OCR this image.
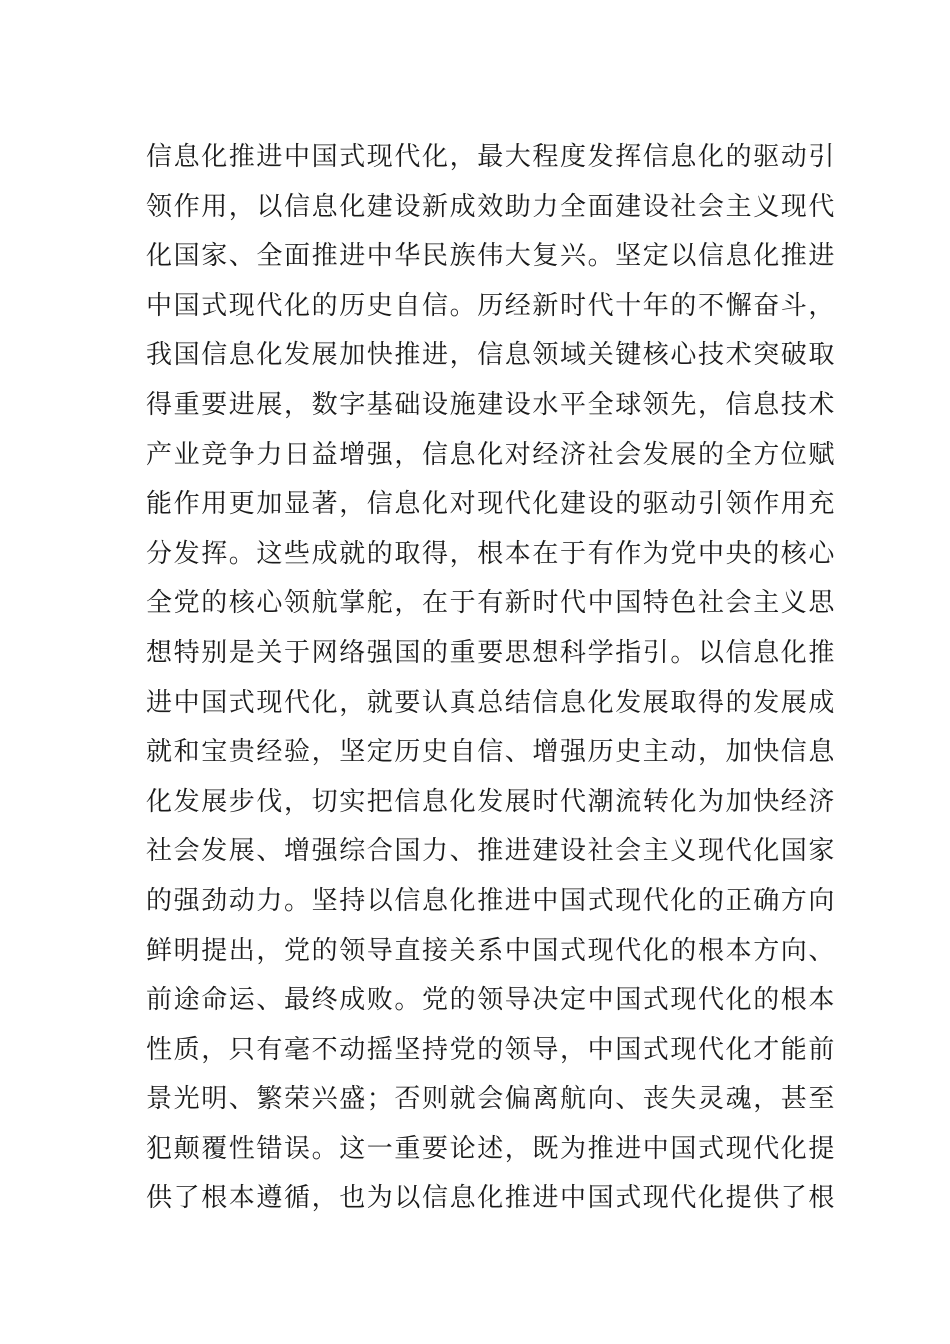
信息化推进中国式现代化，最大程度发挥信息化的驱动引
领作用，以信息化建设新成效助力全面建设社会主义现代
化国家、全面推进中华民族伟大复兴。坚定以信息化推进
中国式现代化的历史自信。历经新时代十年的不懈奋斗，
我国信息化发展加快推进，信息领域关键核心技术突破取
得重要进展，数字基础设施建设水平全球领先，信息技术
产业竞争力日益增强，信息化对经济社会发展的全方位赋
能作用更加显著，信息化对现代化建设的驱动引领作用充
分发挥。这些成就的取得，根本在于有作为党中央的核心
全党的核心领航掌舵，在于有新时代中国特色社会主义思
想特别是关于网络强国的重要思想科学指引。以信息化推
进中国式现代化，就要认真总结信息化发展取得的发展成
就和宝贵经验，坚定历史自信、增强历史主动，加快信息
化发展步伐，切实把信息化发展时代潮流转化为加快经济
社会发展、增强综合国力、推进建设社会主义现代化国家
的强劲动力。坚持以信息化推进中国式现代化的正确方向
鲜明提出，党的领导直接关系中国式现代化的根本方向、
前途命运、最终成败。党的领导决定中国式现代化的根本
性质，只有毫不动摇坚持党的领导，中国式现代化才能前
景光明、繁荣兴盛；否则就会偏离航向、丧失灵魂，甚至
犯颠覆性错误。这一重要论述，既为推进中国式现代化提
供了根本遵循，也为以信息化推进中国式现代化提供了根
